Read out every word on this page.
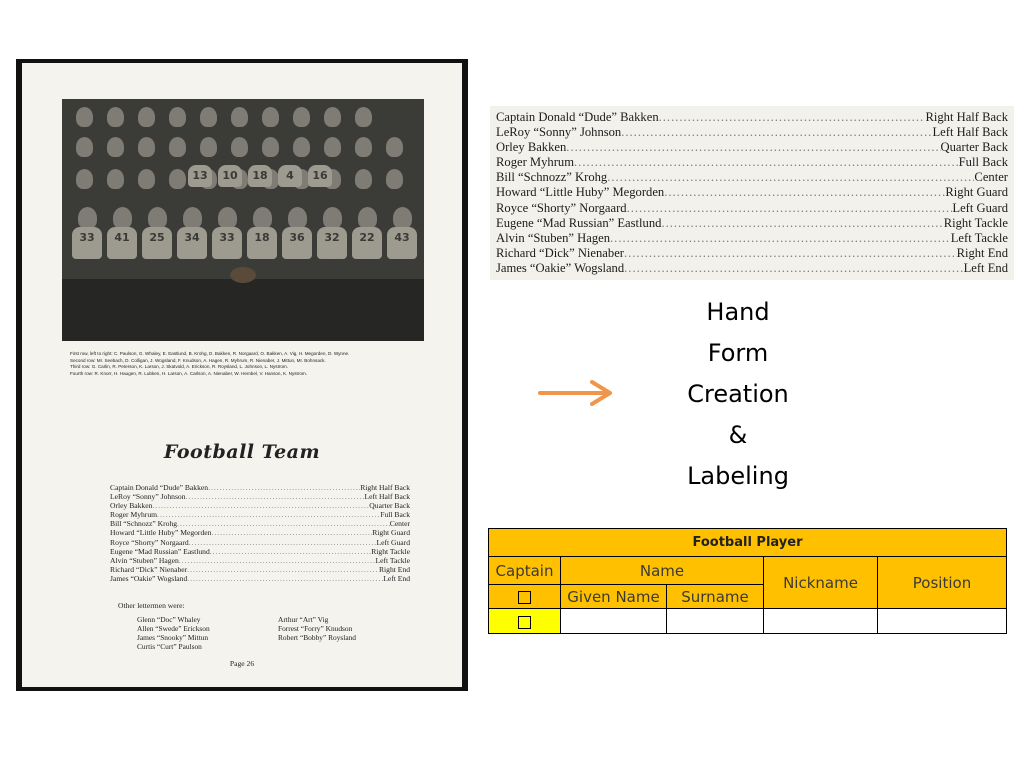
13	10	18	4	16
33	41	25	34	33	18	36	32	22	43
First row, left to right: C. Paulson, G. Whaley, E. Eastlund, B. Krohg, D. Bakken, R. Norgaard, O. Bakken, A. Vig, H. Megorden, D. Wynne.
Second row: Mr. Seebach, D. Colligan, J. Wogsland, F. Knudson, A. Hagen, R. Myhrum, R. Nienaber, J. Mittun, Mr. Bohnsack.
Third row: G. Carlin, R. Peterson, K. Larson, J. Skatvold, A. Erickson, R. Roysland, L. Johnson, L. Nystrom.
Fourth row: R. Knorr, H. Haugen, R. Lubken, H. Larson, A. Carlson, A. Nienaber, W. Hembel, V. Hanson, K. Nystrom.
Football Team
Captain Donald “Dude” Bakken .....	Right Half Back
LeRoy “Sonny” Johnson .....	Left Half Back
Orley Bakken .....	Quarter Back
Roger Myhrum .....	Full Back
Bill “Schnozz” Krohg .....	Center
Howard “Little Huby” Megorden .....	Right Guard
Royce “Shorty” Norgaard .....	Left Guard
Eugene “Mad Russian” Eastlund .....	Right Tackle
Alvin “Stuben” Hagen .....	Left Tackle
Richard “Dick” Nienaber .....	Right End
James “Oakie” Wogsland .....	Left End
Other lettermen were:
Glenn “Doc” Whaley
Allen “Swede” Erickson
James “Snooky” Mittun
Curtis “Curt” Paulson
Arthur “Art” Vig
Forrest “Forry” Knudson
Robert “Bobby” Roysland
Page 26
Captain Donald “Dude” Bakken .....	Right Half Back
LeRoy “Sonny” Johnson .....	Left Half Back
Orley Bakken .....	Quarter Back
Roger Myhrum .....	Full Back
Bill “Schnozz” Krohg .....	Center
Howard “Little Huby” Megorden .....	Right Guard
Royce “Shorty” Norgaard .....	Left Guard
Eugene “Mad Russian” Eastlund .....	Right Tackle
Alvin “Stuben” Hagen .....	Left Tackle
Richard “Dick” Nienaber .....	Right End
James “Oakie” Wogsland .....	Left End
Hand
Form
Creation
&
Labeling
Football Player				
Captain	Name		Nickname	Position
	Given Name	Surname		
